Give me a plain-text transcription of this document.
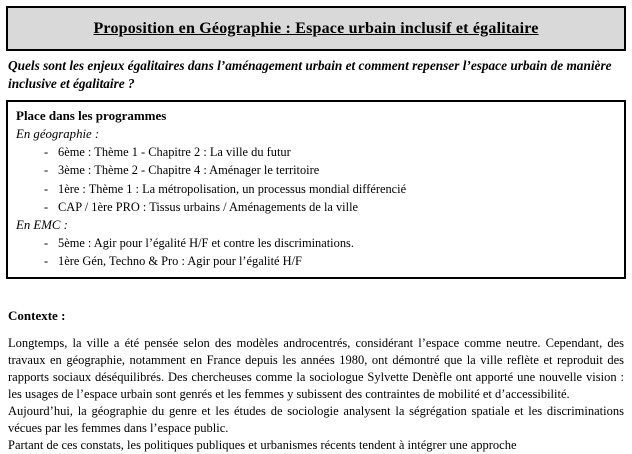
Proposition en Géographie : Espace urbain inclusif et égalitaire

Quels sont les enjeux égalitaires dans l’aménagement urbain et comment repenser l’espace urbain de manière inclusive et égalitaire ?

Place dans les programmes

En géographie :

- 6ème : Thème 1 - Chapitre 2 : La ville du futur
- 3ème : Thème 2 - Chapitre 4 : Aménager le territoire
- 1ère : Thème 1 : La métropolisation, un processus mondial différencié
- CAP / 1ère PRO : Tissus urbains / Aménagements de la ville

En EMC :

- 5ème : Agir pour l’égalité H/F et contre les discriminations.
- 1ère Gén, Techno & Pro : Agir pour l’égalité H/F

Contexte :

Longtemps, la ville a été pensée selon des modèles androcentrés, considérant l’espace comme neutre. Cependant, des travaux en géographie, notamment en France depuis les années 1980, ont démontré que la ville reflète et reproduit des rapports sociaux déséquilibrés. Des chercheuses comme la sociologue Sylvette Denèfle ont apporté une nouvelle vision : les usages de l’espace urbain sont genrés et les femmes y subissent des contraintes de mobilité et d’accessibilité.

Aujourd’hui, la géographie du genre et les études de sociologie analysent la ségrégation spatiale et les discriminations vécues par les femmes dans l’espace public.

Partant de ces constats, les politiques publiques et urbanismes récents tendent à intégrer une approche
